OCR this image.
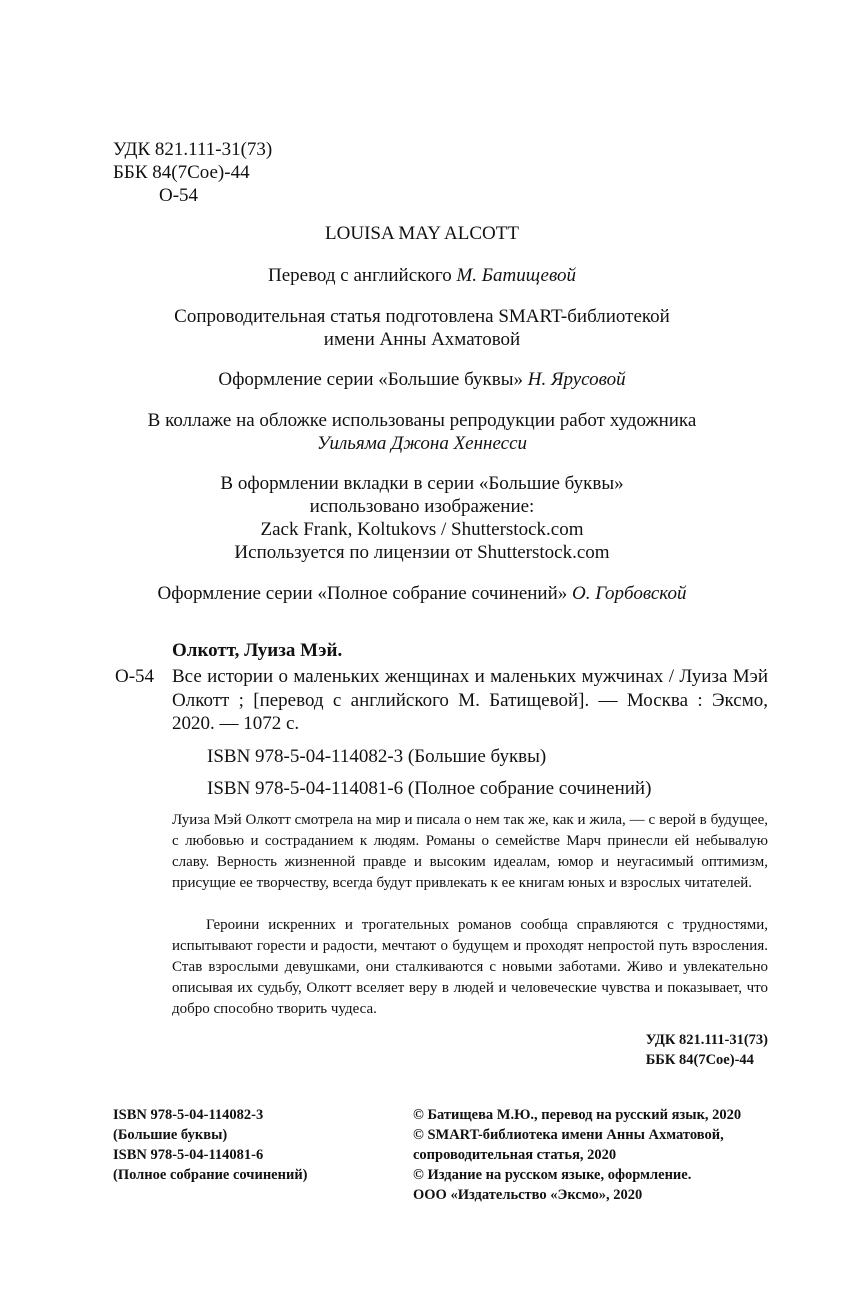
УДК 821.111-31(73)
ББК 84(7Сое)-44
О-54
LOUISA MAY ALCOTT
Перевод с английского М. Батищевой
Сопроводительная статья подготовлена SMART-библиотекой
имени Анны Ахматовой
Оформление серии «Большие буквы» Н. Ярусовой
В коллаже на обложке использованы репродукции работ художника
Уильяма Джона Хеннесси
В оформлении вкладки в серии «Большие буквы»
использовано изображение:
Zack Frank, Koltukovs / Shutterstock.com
Используется по лицензии от Shutterstock.com
Оформление серии «Полное собрание сочинений» О. Горбовской
Олкотт, Луиза Мэй.
О-54 Все истории о маленьких женщинах и маленьких мужчинах / Луиза Мэй Олкотт ; [перевод с английского М. Батищевой]. — Москва : Эксмо, 2020. — 1072 с.
ISBN 978-5-04-114082-3 (Большие буквы)
ISBN 978-5-04-114081-6 (Полное собрание сочинений)
Луиза Мэй Олкотт смотрела на мир и писала о нем так же, как и жила, — с верой в будущее, с любовью и состраданием к людям. Романы о семействе Марч принесли ей небывалую славу. Верность жизненной правде и высоким идеалам, юмор и неугасимый оптимизм, присущие ее творчеству, всегда будут привлекать к ее книгам юных и взрослых читателей.
Героини искренних и трогательных романов сообща справляются с трудностями, испытывают горести и радости, мечтают о будущем и проходят непростой путь взросления. Став взрослыми девушками, они сталкиваются с новыми заботами. Живо и увлекательно описывая их судьбу, Олкотт вселяет веру в людей и человеческие чувства и показывает, что добро способно творить чудеса.
УДК 821.111-31(73)
ББК 84(7Сое)-44
ISBN 978-5-04-114082-3
(Большие буквы)
ISBN 978-5-04-114081-6
(Полное собрание сочинений)
© Батищева М.Ю., перевод на русский язык, 2020
© SMART-библиотека имени Анны Ахматовой,
сопроводительная статья, 2020
© Издание на русском языке, оформление.
ООО «Издательство «Эксмо», 2020
